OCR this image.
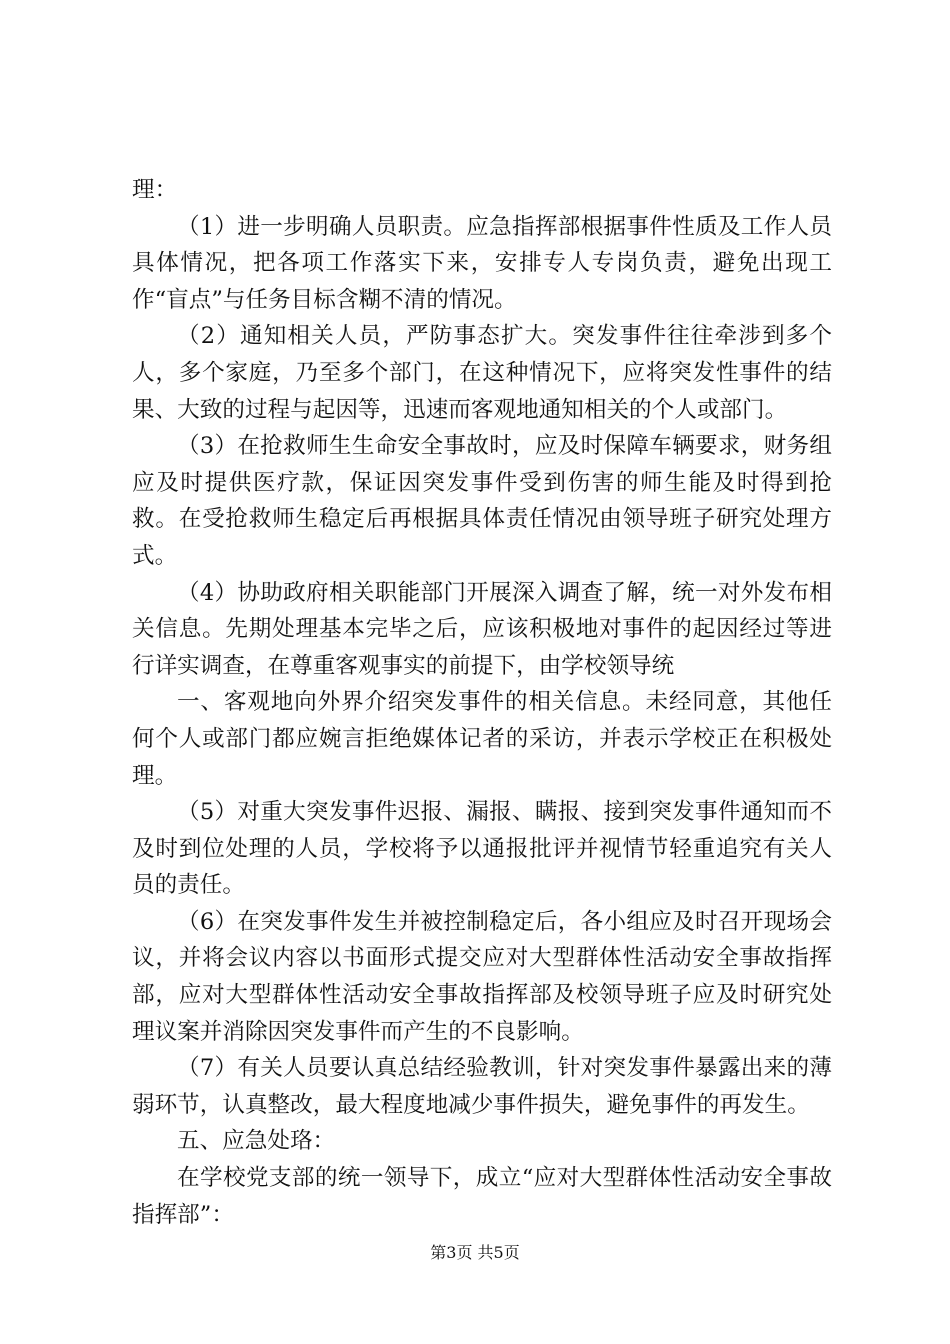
理：

（1）进一步明确人员职责。应急指挥部根据事件性质及工作人员具体情况，把各项工作落实下来，安排专人专岗负责，避免出现工作“盲点”与任务目标含糊不清的情况。

（2）通知相关人员，严防事态扩大。突发事件往往牵涉到多个人，多个家庭，乃至多个部门，在这种情况下，应将突发性事件的结果、大致的过程与起因等，迅速而客观地通知相关的个人或部门。

（3）在抢救师生生命安全事故时，应及时保障车辆要求，财务组应及时提供医疗款，保证因突发事件受到伤害的师生能及时得到抢救。在受抢救师生稳定后再根据具体责任情况由领导班子研究处理方式。

（4）协助政府相关职能部门开展深入调查了解，统一对外发布相关信息。先期处理基本完毕之后，应该积极地对事件的起因经过等进行详实调查，在尊重客观事实的前提下，由学校领导统

一、客观地向外界介绍突发事件的相关信息。未经同意，其他任何个人或部门都应婉言拒绝媒体记者的采访，并表示学校正在积极处理。

（5）对重大突发事件迟报、漏报、瞒报、接到突发事件通知而不及时到位处理的人员，学校将予以通报批评并视情节轻重追究有关人员的责任。

（6）在突发事件发生并被控制稳定后，各小组应及时召开现场会议，并将会议内容以书面形式提交应对大型群体性活动安全事故指挥部，应对大型群体性活动安全事故指挥部及校领导班子应及时研究处理议案并消除因突发事件而产生的不良影响。

（7）有关人员要认真总结经验教训，针对突发事件暴露出来的薄弱环节，认真整改，最大程度地减少事件损失，避免事件的再发生。

五、应急处珞：

在学校党支部的统一领导下，成立“应对大型群体性活动安全事故指挥部”：

第3页 共5页
